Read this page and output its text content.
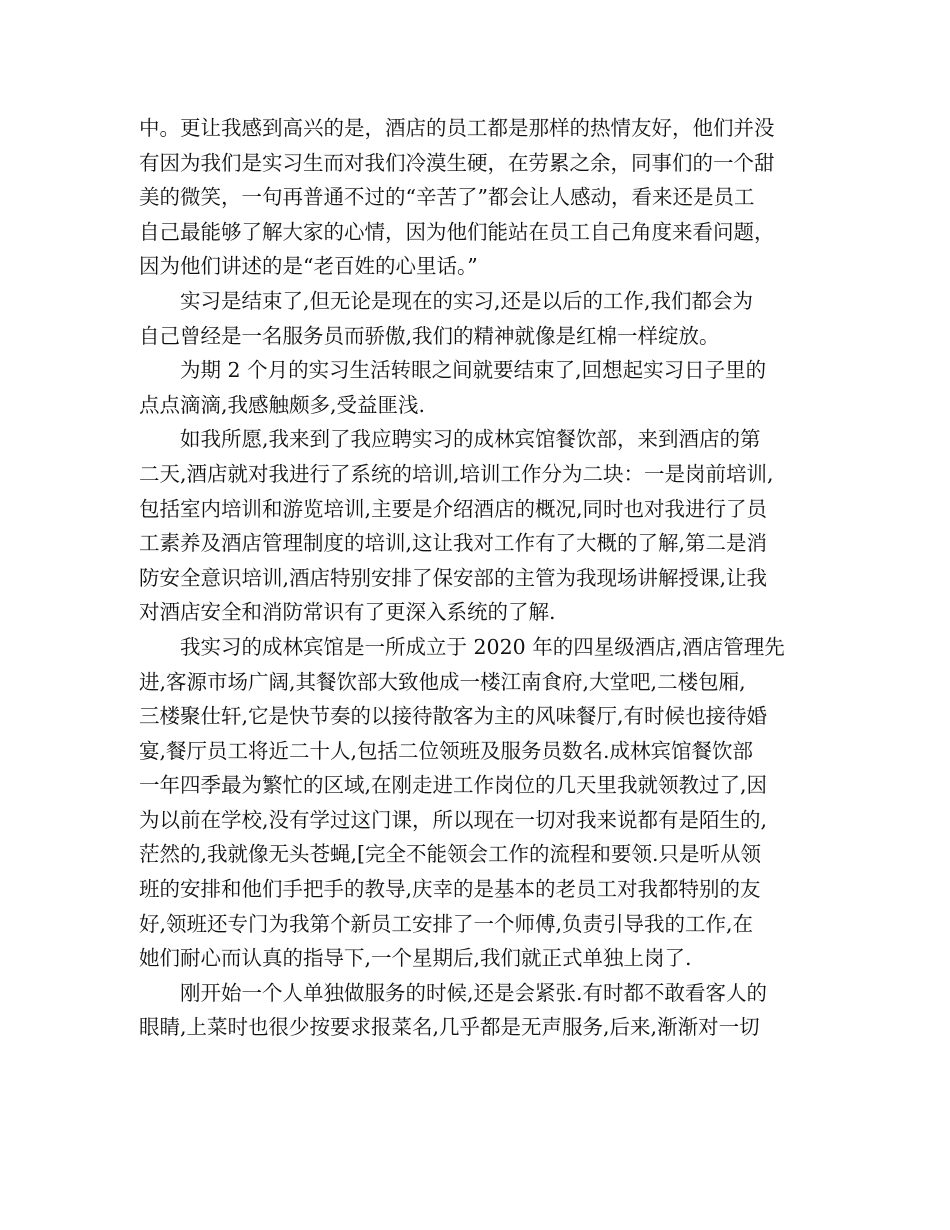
中。更让我感到高兴的是，酒店的员工都是那样的热情友好，他们并没
有因为我们是实习生而对我们冷漠生硬，在劳累之余，同事们的一个甜
美的微笑，一句再普通不过的“辛苦了”都会让人感动，看来还是员工
自己最能够了解大家的心情，因为他们能站在员工自己角度来看问题，
因为他们讲述的是“老百姓的心里话。”
实习是结束了,但无论是现在的实习,还是以后的工作,我们都会为
自己曾经是一名服务员而骄傲,我们的精神就像是红棉一样绽放。
为期 2 个月的实习生活转眼之间就要结束了,回想起实习日子里的
点点滴滴,我感触颇多,受益匪浅.
如我所愿,我来到了我应聘实习的成林宾馆餐饮部，来到酒店的第
二天,酒店就对我进行了系统的培训,培训工作分为二块：一是岗前培训,
包括室内培训和游览培训,主要是介绍酒店的概况,同时也对我进行了员
工素养及酒店管理制度的培训,这让我对工作有了大概的了解,第二是消
防安全意识培训,酒店特别安排了保安部的主管为我现场讲解授课,让我
对酒店安全和消防常识有了更深入系统的了解.
我实习的成林宾馆是一所成立于 2020 年的四星级酒店,酒店管理先
进,客源市场广阔,其餐饮部大致他成一楼江南食府,大堂吧,二楼包厢,
三楼聚仕轩,它是快节奏的以接待散客为主的风味餐厅,有时候也接待婚
宴,餐厅员工将近二十人,包括二位领班及服务员数名.成林宾馆餐饮部
一年四季最为繁忙的区域,在刚走进工作岗位的几天里我就领教过了,因
为以前在学校,没有学过这门课，所以现在一切对我来说都有是陌生的,
茫然的,我就像无头苍蝇,[完全不能领会工作的流程和要领.只是听从领
班的安排和他们手把手的教导,庆幸的是基本的老员工对我都特别的友
好,领班还专门为我第个新员工安排了一个师傅,负责引导我的工作,在
她们耐心而认真的指导下,一个星期后,我们就正式单独上岗了.
刚开始一个人单独做服务的时候,还是会紧张.有时都不敢看客人的
眼睛,上菜时也很少按要求报菜名,几乎都是无声服务,后来,渐渐对一切
